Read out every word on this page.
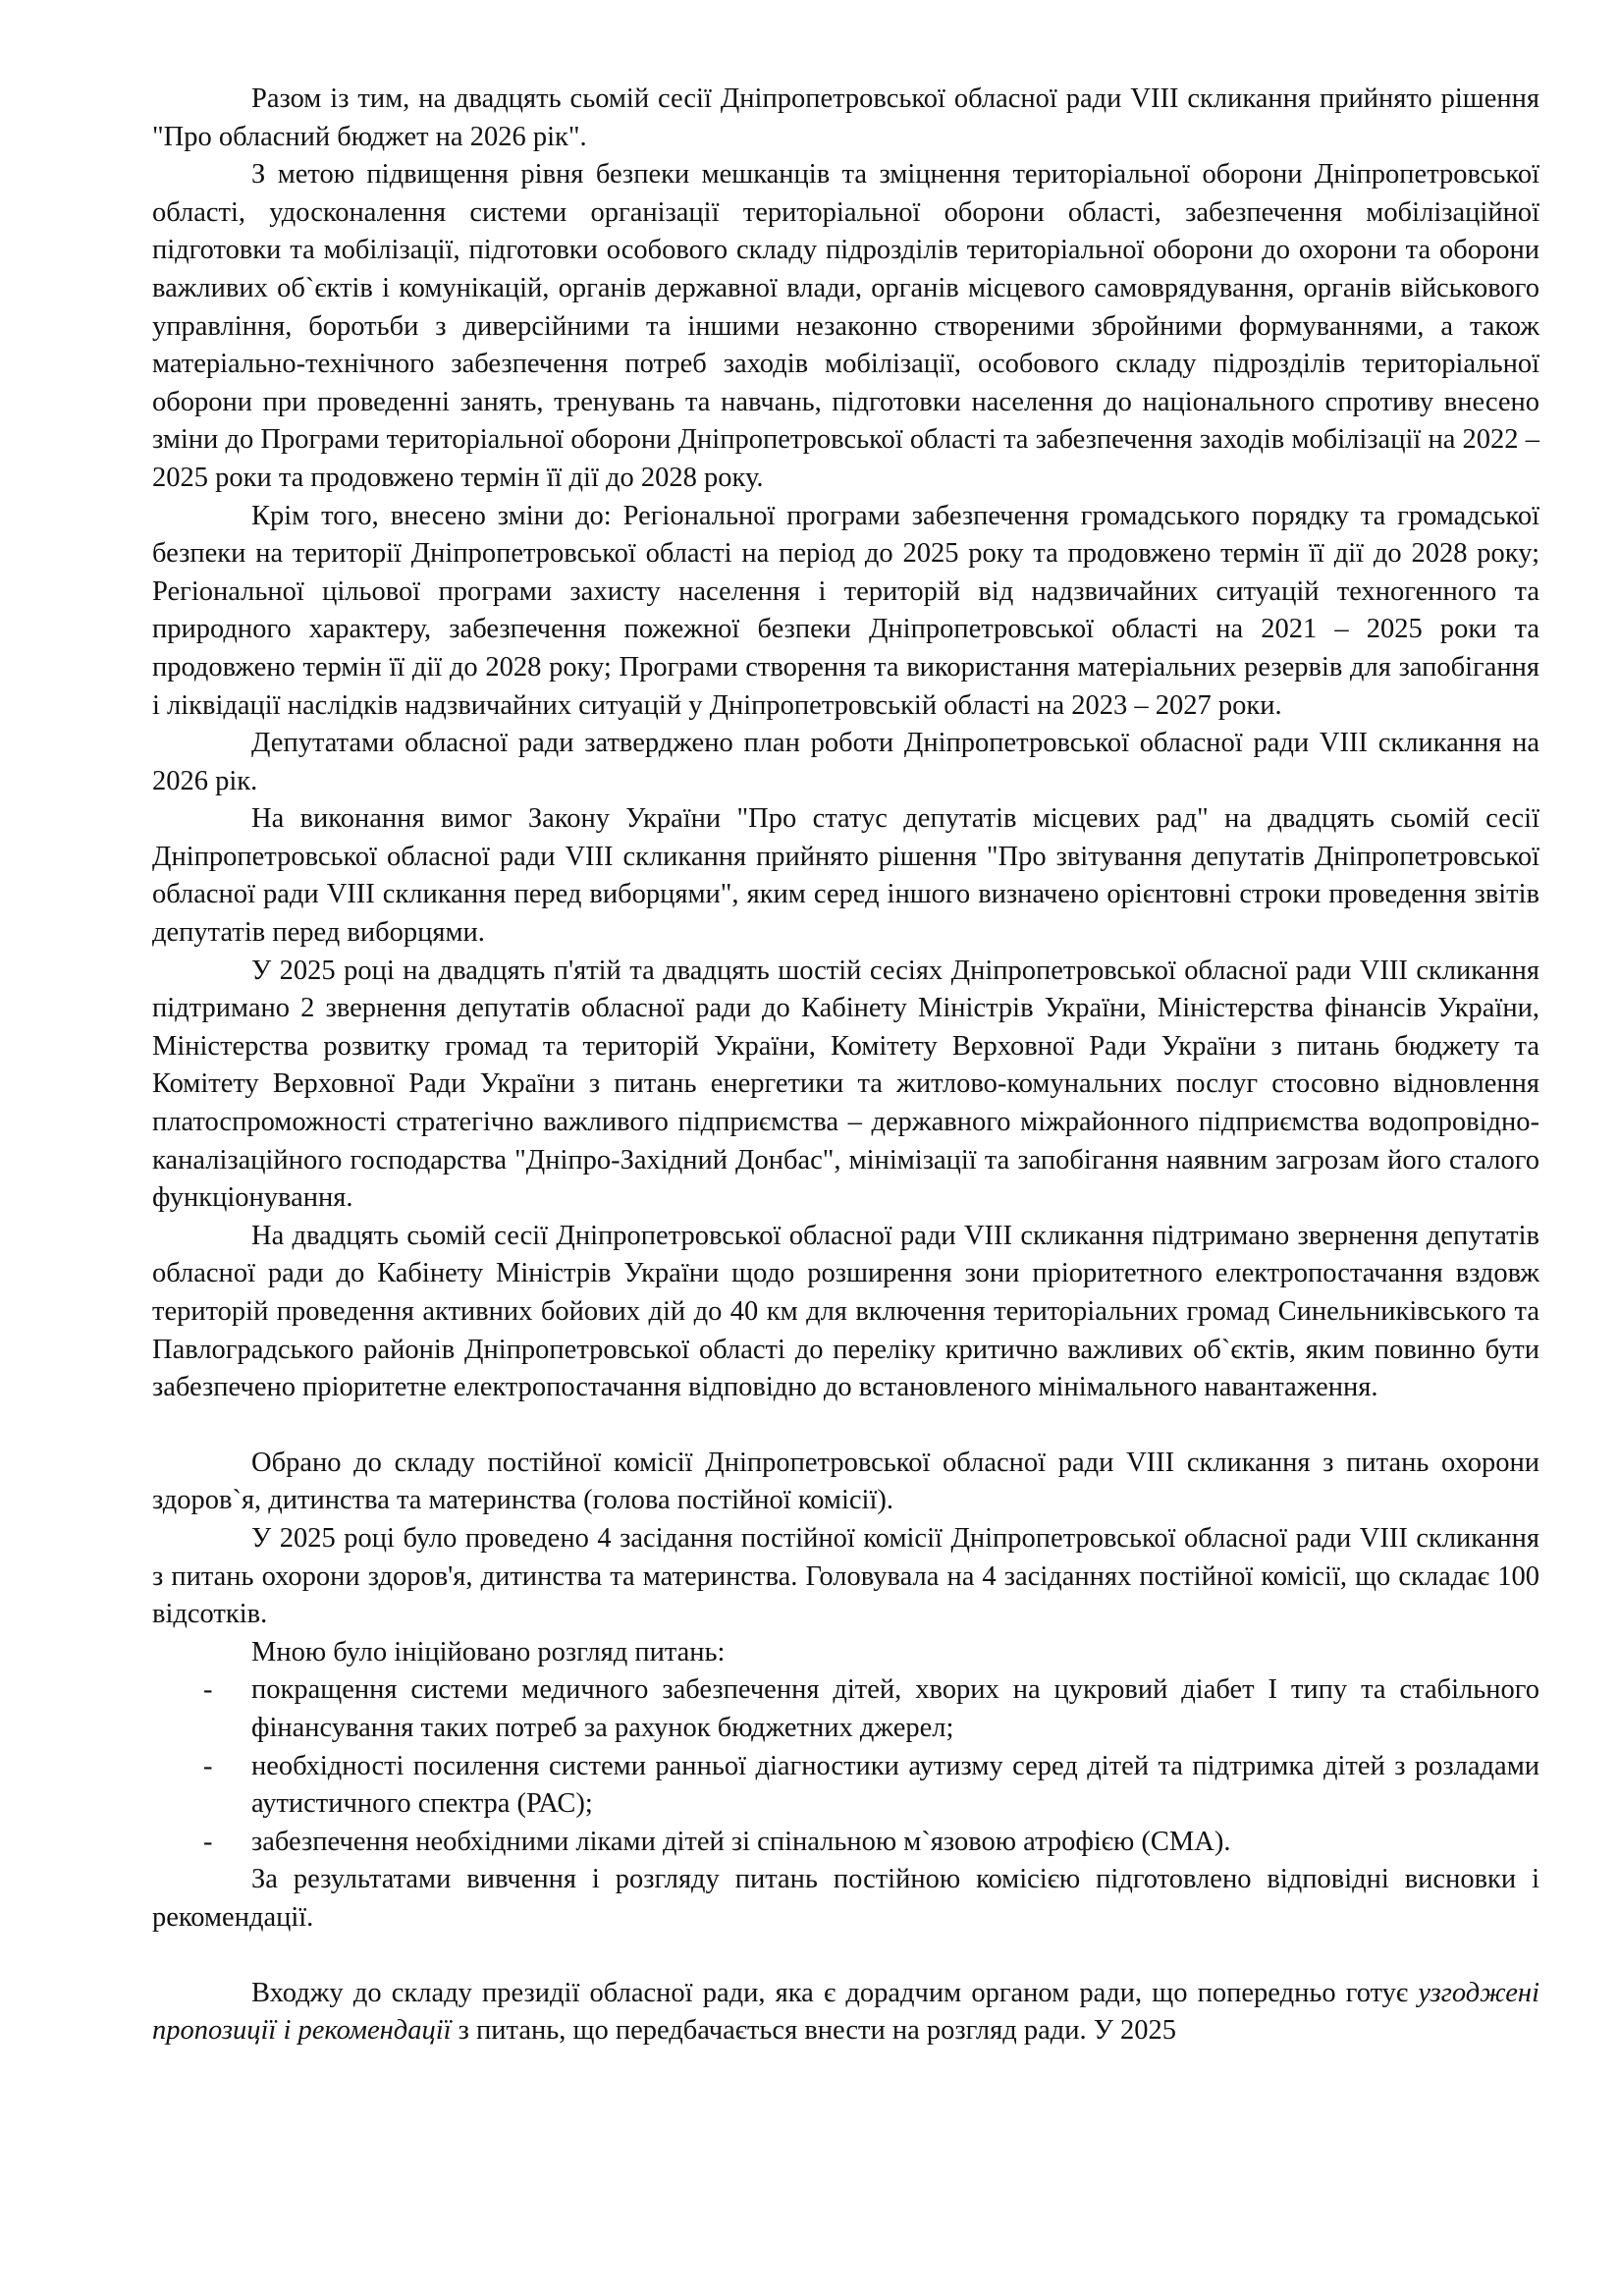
Разом із тим, на двадцять сьомій сесії Дніпропетровської обласної ради VIII скликання прийнято рішення "Про обласний бюджет на 2026 рік".

З метою підвищення рівня безпеки мешканців та зміцнення територіальної оборони Дніпропетровської області, удосконалення системи організації територіальної оборони області, забезпечення мобілізаційної підготовки та мобілізації, підготовки особового складу підрозділів територіальної оборони до охорони та оборони важливих об`єктів і комунікацій, органів державної влади, органів місцевого самоврядування, органів військового управління, боротьби з диверсійними та іншими незаконно створеними збройними формуваннями, а також матеріально-технічного забезпечення потреб заходів мобілізації, особового складу підрозділів територіальної оборони при проведенні занять, тренувань та навчань, підготовки населення до національного спротиву внесено зміни до Програми територіальної оборони Дніпропетровської області та забезпечення заходів мобілізації на 2022 – 2025 роки та продовжено термін її дії до 2028 року.

Крім того, внесено зміни до: Регіональної програми забезпечення громадського порядку та громадської безпеки на території Дніпропетровської області на період до 2025 року та продовжено термін її дії до 2028 року; Регіональної цільової програми захисту населення і територій від надзвичайних ситуацій техногенного та природного характеру, забезпечення пожежної безпеки Дніпропетровської області на 2021 – 2025 роки та продовжено термін її дії до 2028 року; Програми створення та використання матеріальних резервів для запобігання і ліквідації наслідків надзвичайних ситуацій у Дніпропетровській області на 2023 – 2027 роки.

Депутатами обласної ради затверджено план роботи Дніпропетровської обласної ради VIII скликання на 2026 рік.

На виконання вимог Закону України "Про статус депутатів місцевих рад" на двадцять сьомій сесії Дніпропетровської обласної ради VIII скликання прийнято рішення "Про звітування депутатів Дніпропетровської обласної ради VIII скликання перед виборцями", яким серед іншого визначено орієнтовні строки проведення звітів депутатів перед виборцями.

У 2025 році на двадцять п'ятій та двадцять шостій сесіях Дніпропетровської обласної ради VIII скликання підтримано 2 звернення депутатів обласної ради до Кабінету Міністрів України, Міністерства фінансів України, Міністерства розвитку громад та територій України, Комітету Верховної Ради України з питань бюджету та Комітету Верховної Ради України з питань енергетики та житлово-комунальних послуг стосовно відновлення платоспроможності стратегічно важливого підприємства – державного міжрайонного підприємства водопровідно-каналізаційного господарства "Дніпро-Західний Донбас", мінімізації та запобігання наявним загрозам його сталого функціонування.

На двадцять сьомій сесії Дніпропетровської обласної ради VIII скликання підтримано звернення депутатів обласної ради до Кабінету Міністрів України щодо розширення зони пріоритетного електропостачання вздовж територій проведення активних бойових дій до 40 км для включення територіальних громад Синельниківського та Павлоградського районів Дніпропетровської області до переліку критично важливих об`єктів, яким повинно бути забезпечено пріоритетне електропостачання відповідно до встановленого мінімального навантаження.

Обрано до складу постійної комісії Дніпропетровської обласної ради VIII скликання з питань охорони здоров`я, дитинства та материнства (голова постійної комісії).

У 2025 році було проведено 4 засідання постійної комісії Дніпропетровської обласної ради VIII скликання з питань охорони здоров'я, дитинства та материнства. Головувала на 4 засіданнях постійної комісії, що складає 100 відсотків.

Мною було ініційовано розгляд питань:

- покращення системи медичного забезпечення дітей, хворих на цукровий діабет I типу та стабільного фінансування таких потреб за рахунок бюджетних джерел;
- необхідності посилення системи ранньої діагностики аутизму серед дітей та підтримка дітей з розладами аутистичного спектра (РАС);
- забезпечення необхідними ліками дітей зі спінальною м`язовою атрофією (СМА).

За результатами вивчення і розгляду питань постійною комісією підготовлено відповідні висновки і рекомендації.

Входжу до складу президії обласної ради, яка є дорадчим органом ради, що попередньо готує узгоджені пропозиції і рекомендації з питань, що передбачається внести на розгляд ради. У 2025
